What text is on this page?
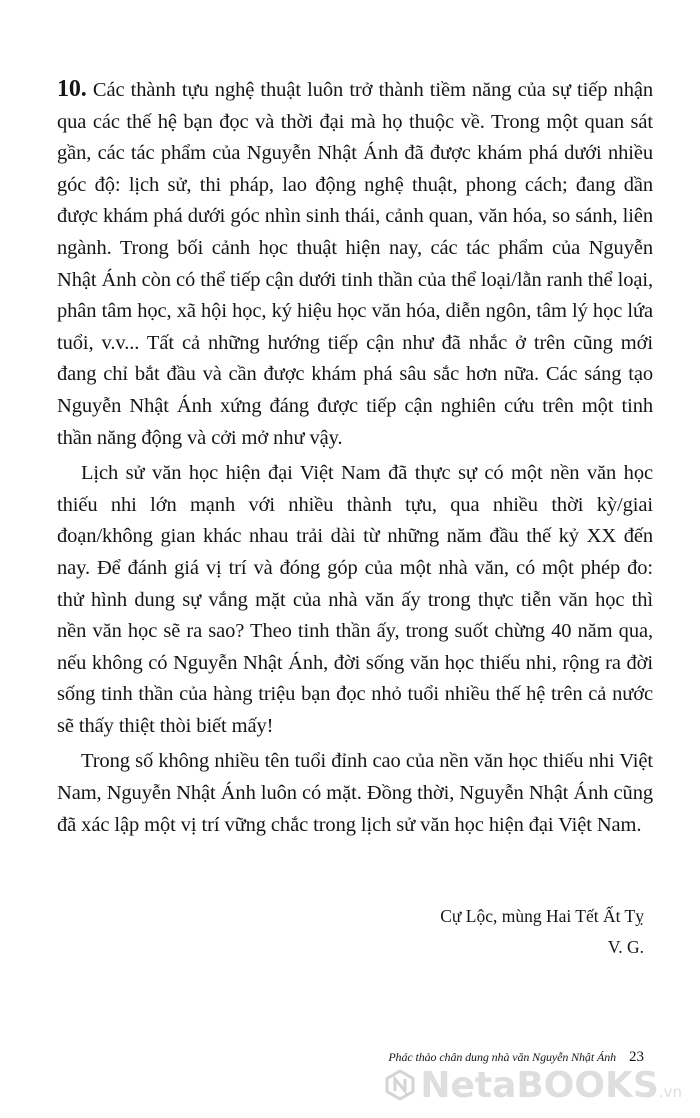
10. Các thành tựu nghệ thuật luôn trở thành tiềm năng của sự tiếp nhận qua các thế hệ bạn đọc và thời đại mà họ thuộc về. Trong một quan sát gần, các tác phẩm của Nguyễn Nhật Ánh đã được khám phá dưới nhiều góc độ: lịch sử, thi pháp, lao động nghệ thuật, phong cách; đang dần được khám phá dưới góc nhìn sinh thái, cảnh quan, văn hóa, so sánh, liên ngành. Trong bối cảnh học thuật hiện nay, các tác phẩm của Nguyễn Nhật Ánh còn có thể tiếp cận dưới tinh thần của thể loại/lằn ranh thể loại, phân tâm học, xã hội học, ký hiệu học văn hóa, diễn ngôn, tâm lý học lứa tuổi, v.v... Tất cả những hướng tiếp cận như đã nhắc ở trên cũng mới đang chỉ bắt đầu và cần được khám phá sâu sắc hơn nữa. Các sáng tạo Nguyễn Nhật Ánh xứng đáng được tiếp cận nghiên cứu trên một tinh thần năng động và cởi mở như vậy.

Lịch sử văn học hiện đại Việt Nam đã thực sự có một nền văn học thiếu nhi lớn mạnh với nhiều thành tựu, qua nhiều thời kỳ/giai đoạn/không gian khác nhau trải dài từ những năm đầu thế kỷ XX đến nay. Để đánh giá vị trí và đóng góp của một nhà văn, có một phép đo: thử hình dung sự vắng mặt của nhà văn ấy trong thực tiễn văn học thì nền văn học sẽ ra sao? Theo tinh thần ấy, trong suốt chừng 40 năm qua, nếu không có Nguyễn Nhật Ánh, đời sống văn học thiếu nhi, rộng ra đời sống tinh thần của hàng triệu bạn đọc nhỏ tuổi nhiều thế hệ trên cả nước sẽ thấy thiệt thòi biết mấy!

Trong số không nhiều tên tuổi đỉnh cao của nền văn học thiếu nhi Việt Nam, Nguyễn Nhật Ánh luôn có mặt. Đồng thời, Nguyễn Nhật Ánh cũng đã xác lập một vị trí vững chắc trong lịch sử văn học hiện đại Việt Nam.

Cự Lộc, mùng Hai Tết Ất Tỵ
V. G.
Phác thảo chân dung nhà văn Nguyễn Nhật Ánh 23
NetaBOOKS.vn
